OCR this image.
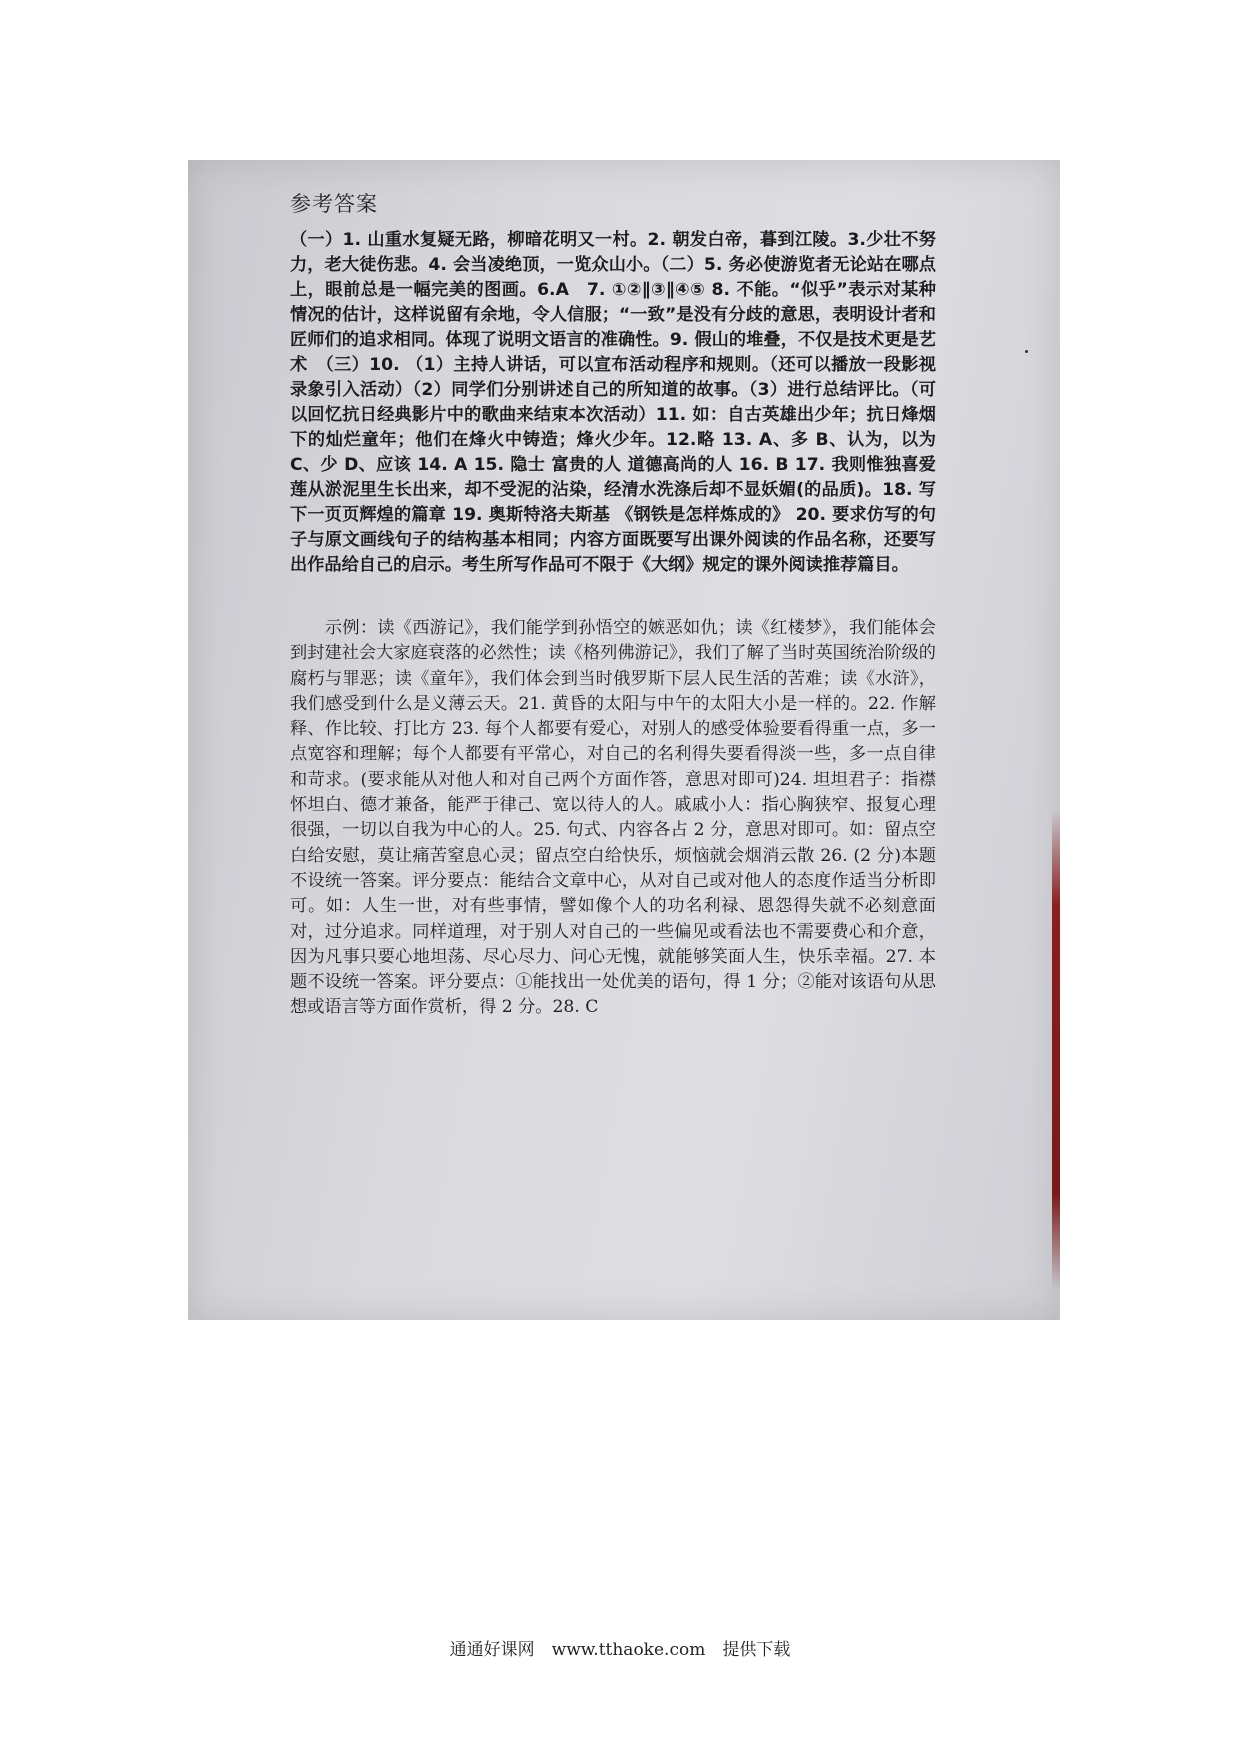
参考答案

（一）1. 山重水复疑无路，柳暗花明又一村。2. 朝发白帝，暮到江陵。3.少壮不努力，老大徒伤悲。4. 会当凌绝顶，一览众山小。（二）5. 务必使游览者无论站在哪点上，眼前总是一幅完美的图画。6.A　7. ①②∥③∥④⑤ 8. 不能。“似乎”表示对某种情况的估计，这样说留有余地，令人信服；“一致”是没有分歧的意思，表明设计者和匠师们的追求相同。体现了说明文语言的准确性。9. 假山的堆叠，不仅是技术更是艺术　（三）10. （1）主持人讲话，可以宣布活动程序和规则。（还可以播放一段影视录象引入活动）（2）同学们分别讲述自己的所知道的故事。（3）进行总结评比。（可以回忆抗日经典影片中的歌曲来结束本次活动）11. 如：自古英雄出少年；抗日烽烟下的灿烂童年；他们在烽火中铸造；烽火少年。12.略 13. A、多 B、认为，以为 C、少 D、应该 14. A 15. 隐士 富贵的人 道德高尚的人 16. B 17. 我则惟独喜爱莲从淤泥里生长出来，却不受泥的沾染，经清水洗涤后却不显妖媚(的品质)。18. 写下一页页辉煌的篇章 19. 奥斯特洛夫斯基 《钢铁是怎样炼成的》 20. 要求仿写的句子与原文画线句子的结构基本相同；内容方面既要写出课外阅读的作品名称，还要写出作品给自己的启示。考生所写作品可不限于《大纲》规定的课外阅读推荐篇目。

　　示例：读《西游记》，我们能学到孙悟空的嫉恶如仇；读《红楼梦》，我们能体会到封建社会大家庭衰落的必然性；读《格列佛游记》，我们了解了当时英国统治阶级的腐朽与罪恶；读《童年》，我们体会到当时俄罗斯下层人民生活的苦难；读《水浒》，我们感受到什么是义薄云天。21. 黄昏的太阳与中午的太阳大小是一样的。22. 作解释、作比较、打比方 23. 每个人都要有爱心，对别人的感受体验要看得重一点，多一点宽容和理解；每个人都要有平常心，对自己的名利得失要看得淡一些，多一点自律和苛求。(要求能从对他人和对自己两个方面作答，意思对即可)24. 坦坦君子：指襟怀坦白、德才兼备，能严于律己、宽以待人的人。戚戚小人：指心胸狭窄、报复心理很强，一切以自我为中心的人。25. 句式、内容各占 2 分，意思对即可。如：留点空白给安慰，莫让痛苦窒息心灵；留点空白给快乐，烦恼就会烟消云散 26. (2 分)本题不设统一答案。评分要点：能结合文章中心，从对自己或对他人的态度作适当分析即可。如：人生一世，对有些事情，譬如像个人的功名利禄、恩怨得失就不必刻意面对，过分追求。同样道理，对于别人对自己的一些偏见或看法也不需要费心和介意，因为凡事只要心地坦荡、尽心尽力、问心无愧，就能够笑面人生，快乐幸福。27. 本题不设统一答案。评分要点：①能找出一处优美的语句，得 1 分；②能对该语句从思想或语言等方面作赏析，得 2 分。28. C

通通好课网　www.tthaoke.com　提供下载
